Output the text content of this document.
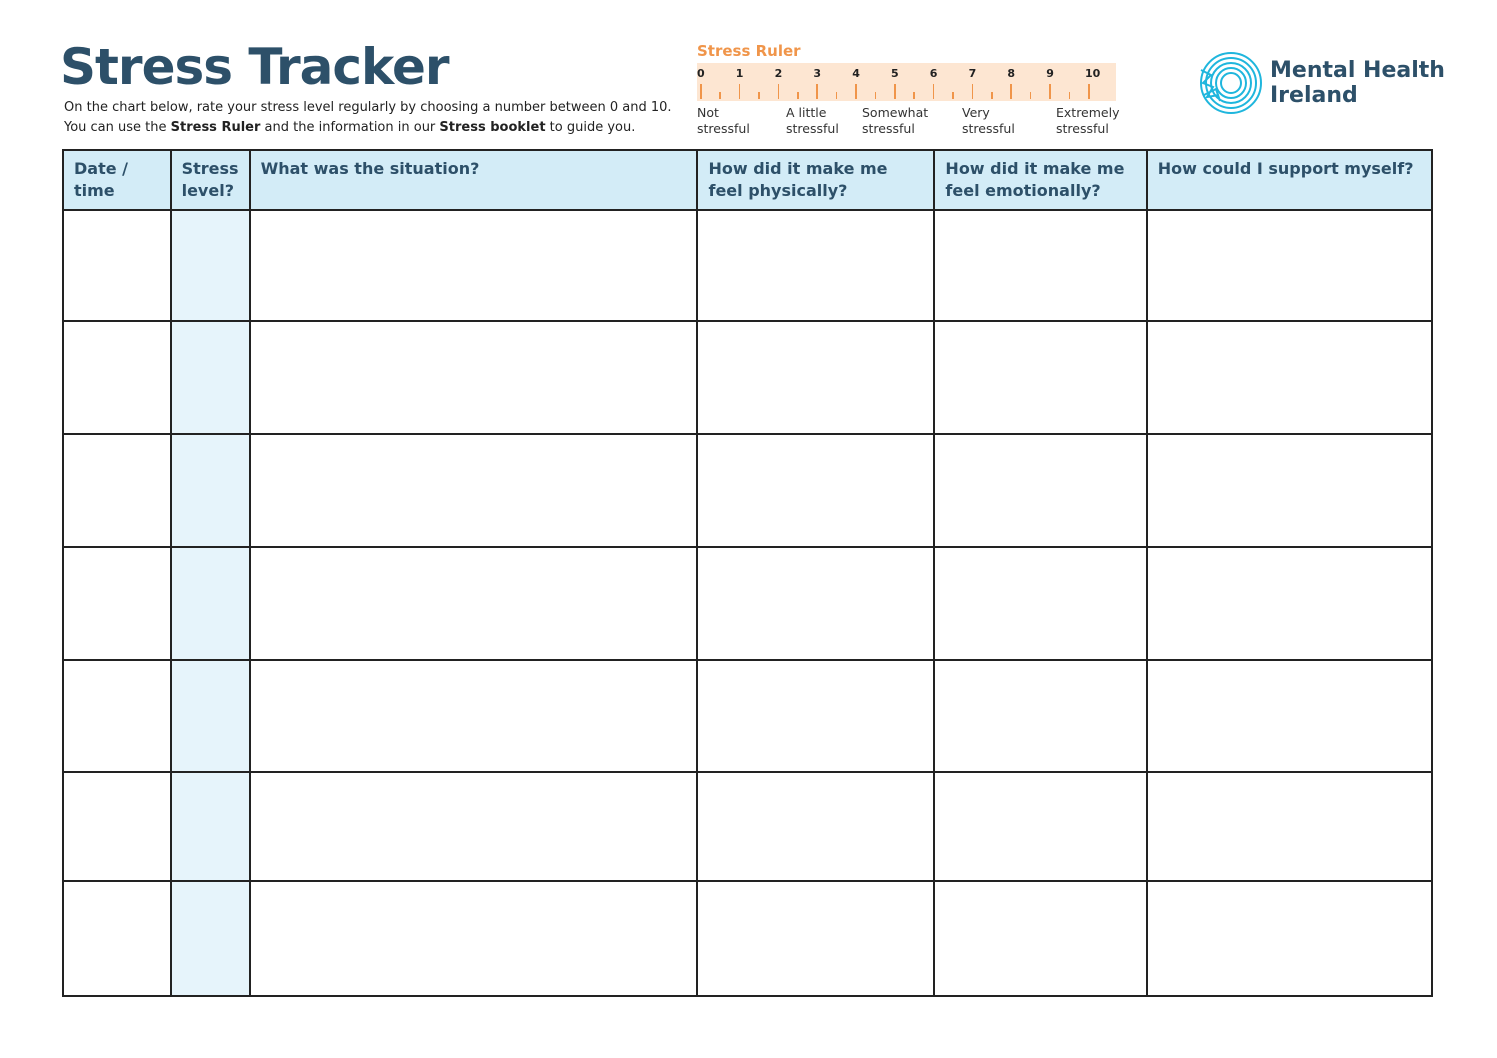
Stress Tracker
On the chart below, rate your stress level regularly by choosing a number between 0 and 10.
You can use the Stress Ruler and the information in our Stress booklet to guide you.
Stress Ruler
0	1	2	3	4	5	6	7	8	9	10
Not
stressful
A little
stressful
Somewhat
stressful
Very
stressful
Extremely
stressful
Mental Health
Ireland
Date / time	Stress level?	What was the situation?	How did it make me feel physically?	How did it make me feel emotionally?	How could I support myself?
